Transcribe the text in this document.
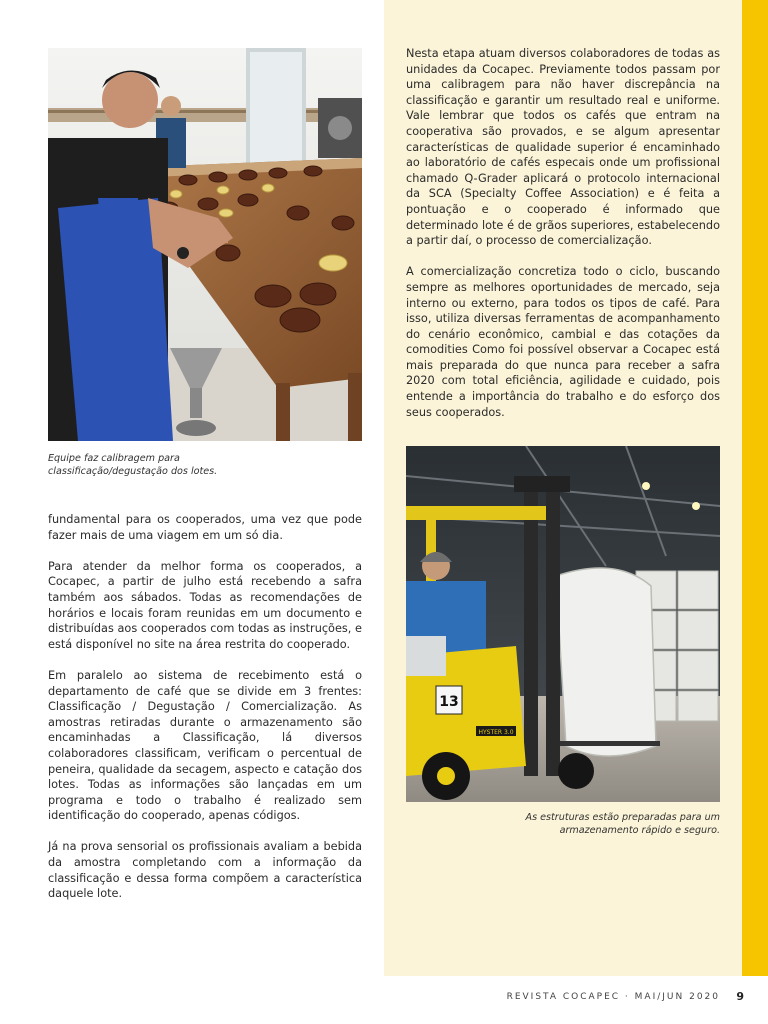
Equipe faz calibragem para
classificação/degustação dos lotes.

fundamental para os cooperados, uma vez que pode fazer mais de uma viagem em um só dia.

Para atender da melhor forma os cooperados, a Cocapec, a partir de julho está recebendo a safra também aos sábados. Todas as recomendações de horários e locais foram reunidas em um documento e distribuídas aos cooperados com todas as instruções, e está disponível no site na área restrita do cooperado.

Em paralelo ao sistema de recebimento está o departamento de café que se divide em 3 frentes: Classificação / Degustação / Comercialização. As amostras retiradas durante o armazenamento são encaminhadas a Classificação, lá diversos colaboradores classificam, verificam o percentual de peneira, qualidade da secagem, aspecto e catação dos lotes. Todas as informações são lançadas em um programa e todo o trabalho é realizado sem identificação do cooperado, apenas códigos.

Já na prova sensorial os profissionais avaliam a bebida da amostra completando com a informação da classificação e dessa forma compõem a característica daquele lote.

Nesta etapa atuam diversos colaboradores de todas as unidades da Cocapec. Previamente todos passam por uma calibragem para não haver discrepância na classificação e garantir um resultado real e uniforme. Vale lembrar que todos os cafés que entram na cooperativa são provados, e se algum apresentar características de qualidade superior é encaminhado ao laboratório de cafés especais onde um profissional chamado Q-Grader aplicará o protocolo internacional da SCA (Specialty Coffee Association) e é feita a pontuação e o cooperado é informado que determinado lote é de grãos superiores, estabelecendo a partir daí, o processo de comercialização.

A comercialização concretiza todo o ciclo, buscando sempre as melhores oportunidades de mercado, seja interno ou externo, para todos os tipos de café. Para isso, utiliza diversas ferramentas de acompanhamento do cenário econômico, cambial e das cotações da comodities Como foi possível observar a Cocapec está mais preparada do que nunca para receber a safra 2020 com total eficiência, agilidade e cuidado, pois entende a importância do trabalho e do esforço dos seus cooperados.

13
HYSTER 3.0
As estruturas estão preparadas para um
armazenamento rápido e seguro.
REVISTA COCAPEC · MAI/JUN 2020 9
